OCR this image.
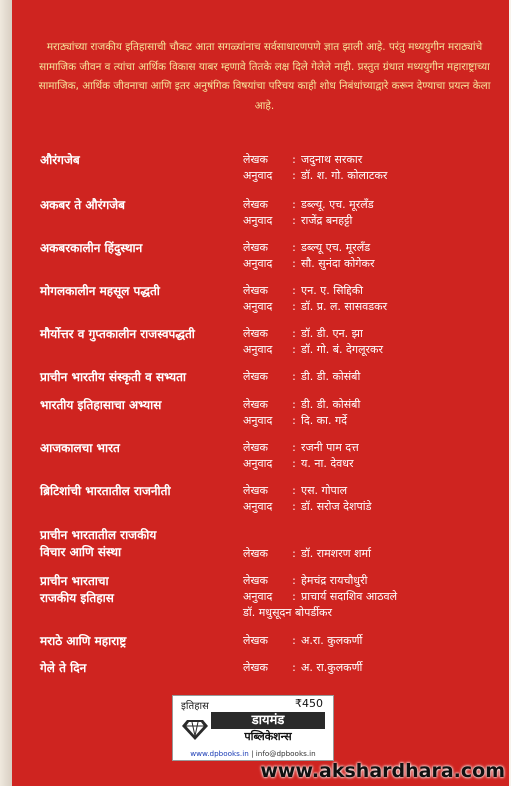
मराठ्यांच्या राजकीय इतिहासाची चौकट आता सगळ्यांनाच सर्वसाधारणपणे ज्ञात झाली आहे. परंतु मध्ययुगीन मराठ्यांचे सामाजिक जीवन व त्यांचा आर्थिक विकास याबर म्हणावे तितके लक्ष दिले गेलेले नाही. प्रस्तुत ग्रंथात मध्ययुगीन महाराष्ट्राच्या सामाजिक, आर्थिक जीवनाचा आणि इतर अनुषंगिक विषयांचा परिचय काही शोध निबंधांच्याद्वारे करून देण्याचा प्रयत्न केला आहे.

औरंगजेब	लेखक : जदुनाथ सरकार
अनुवाद : डॉ. श. गो. कोलाटकर
अकबर ते औरंगजेब	लेखक : डब्ल्यू. एच. मूरलँड
अनुवाद : राजेंद्र बनहट्टी
अकबरकालीन हिंदुस्थान	लेखक : डब्ल्यू एच. मूरलँड
अनुवाद : सौ. सुनंदा कोगेकर
मोगलकालीन महसूल पद्धती	लेखक : एन. ए. सिद्दिकी
अनुवाद : डॉ. प्र. ल. सासवडकर
मौर्योत्तर व गुप्तकालीन राजस्वपद्धती	लेखक : डॉ. डी. एन. झा
अनुवाद : डॉ. गो. बं. देगलूरकर
प्राचीन भारतीय संस्कृती व सभ्यता	लेखक : डी. डी. कोसंबी
भारतीय इतिहासाचा अभ्यास	लेखक : डी. डी. कोसंबी
अनुवाद : दि. का. गर्दे
आजकालचा भारत	लेखक : रजनी पाम दत्त
अनुवाद : य. ना. देवधर
ब्रिटिशांची भारतातील राजनीती	लेखक : एस. गोपाल
अनुवाद : डॉ. सरोज देशपांडे
प्राचीन भारतातील राजकीय
विचार आणि संस्था	लेखक : डॉ. रामशरण शर्मा
प्राचीन भारताचा
राजकीय इतिहास
लेखक : हेमचंद्र रायचौधुरी
अनुवाद : प्राचार्य सदाशिव आठवले
डॉ. मधुसूदन बोपर्डीकर
मराठे आणि महाराष्ट्र	लेखक : अ.रा. कुलकर्णी
गेले ते दिन	लेखक : अ. रा.कुलकर्णी
इतिहास	₹450
डायमंड
पब्लिकेशन्स
www.dpbooks.in | info@dpbooks.in
www.akshardhara.com
